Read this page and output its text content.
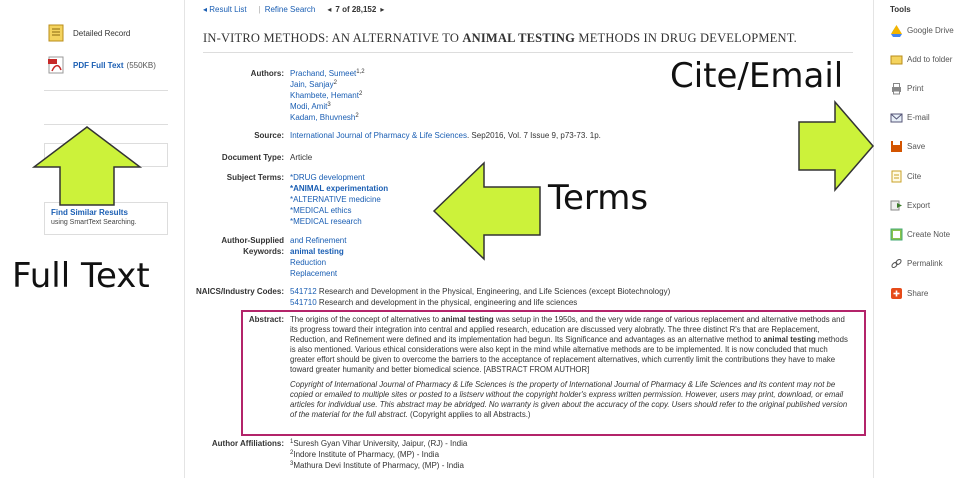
Detailed Record
PDF Full Text (550KB)
Find Similar Results
using SmartText Searching.
◂ Result List	| Refine Search ◂ 7 of 28,152 ▸
IN-VITRO METHODS: AN ALTERNATIVE TO ANIMAL TESTING METHODS IN DRUG DEVELOPMENT.
Authors: Prachand, Sumeet$^{1,2}$
Jain, Sanjay$^2$
Khambete, Hemant$^2$
Modi, Amit$^3$
Kadam, Bhuvnesh$^2$
Source: International Journal of Pharmacy & Life Sciences. Sep2016, Vol. 7 Issue 9, p73-73. 1p.
Document Type: Article
Subject Terms: *DRUG development
*ANIMAL experimentation
*ALTERNATIVE medicine
*MEDICAL ethics
*MEDICAL research
Author-Supplied
Keywords:
and Refinement
animal testing
Reduction
Replacement
NAICS/Industry Codes: 541712 Research and Development in the Physical, Engineering, and Life Sciences (except Biotechnology)
541710 Research and development in the physical, engineering and life sciences
Abstract: The origins of the concept of alternatives to animal testing was setup in the 1950s, and the very wide range of various replacement and alternative methods and its progress toward their integration into central and applied research, education are discussed very alobratly. The three distinct R's that are Replacement, Reduction, and Refinement were defined and its implementation had begun. Its Significance and advantages as an alternative method to animal testing methods is also mentioned. Various ethical considerations were also kept in the mind while alternative methods are to be implemented. It is now concluded that much greater effort should be given to overcome the barriers to the acceptance of replacement alternatives, which currently limit the contributions they have to make toward greater humanity and better biomedical science. [ABSTRACT FROM AUTHOR]
Copyright of International Journal of Pharmacy & Life Sciences is the property of International Journal of Pharmacy & Life Sciences and its content may not be copied or emailed to multiple sites or posted to a listserv without the copyright holder's express written permission. However, users may print, download, or email articles for individual use. This abstract may be abridged. No warranty is given about the accuracy of the copy. Users should refer to the original published version of the material for the full abstract. (Copyright applies to all Abstracts.)
Author Affiliations:	$^1$Suresh Gyan Vihar University, Jaipur, (RJ) - India
$^2$Indore Institute of Pharmacy, (MP) - India
$^3$Mathura Devi Institute of Pharmacy, (MP) - India
Tools
Google Drive
Add to folder
Print
E-mail
Save
Cite
Export
Create Note
Permalink
Share
Full Text
Terms
Cite/Email
